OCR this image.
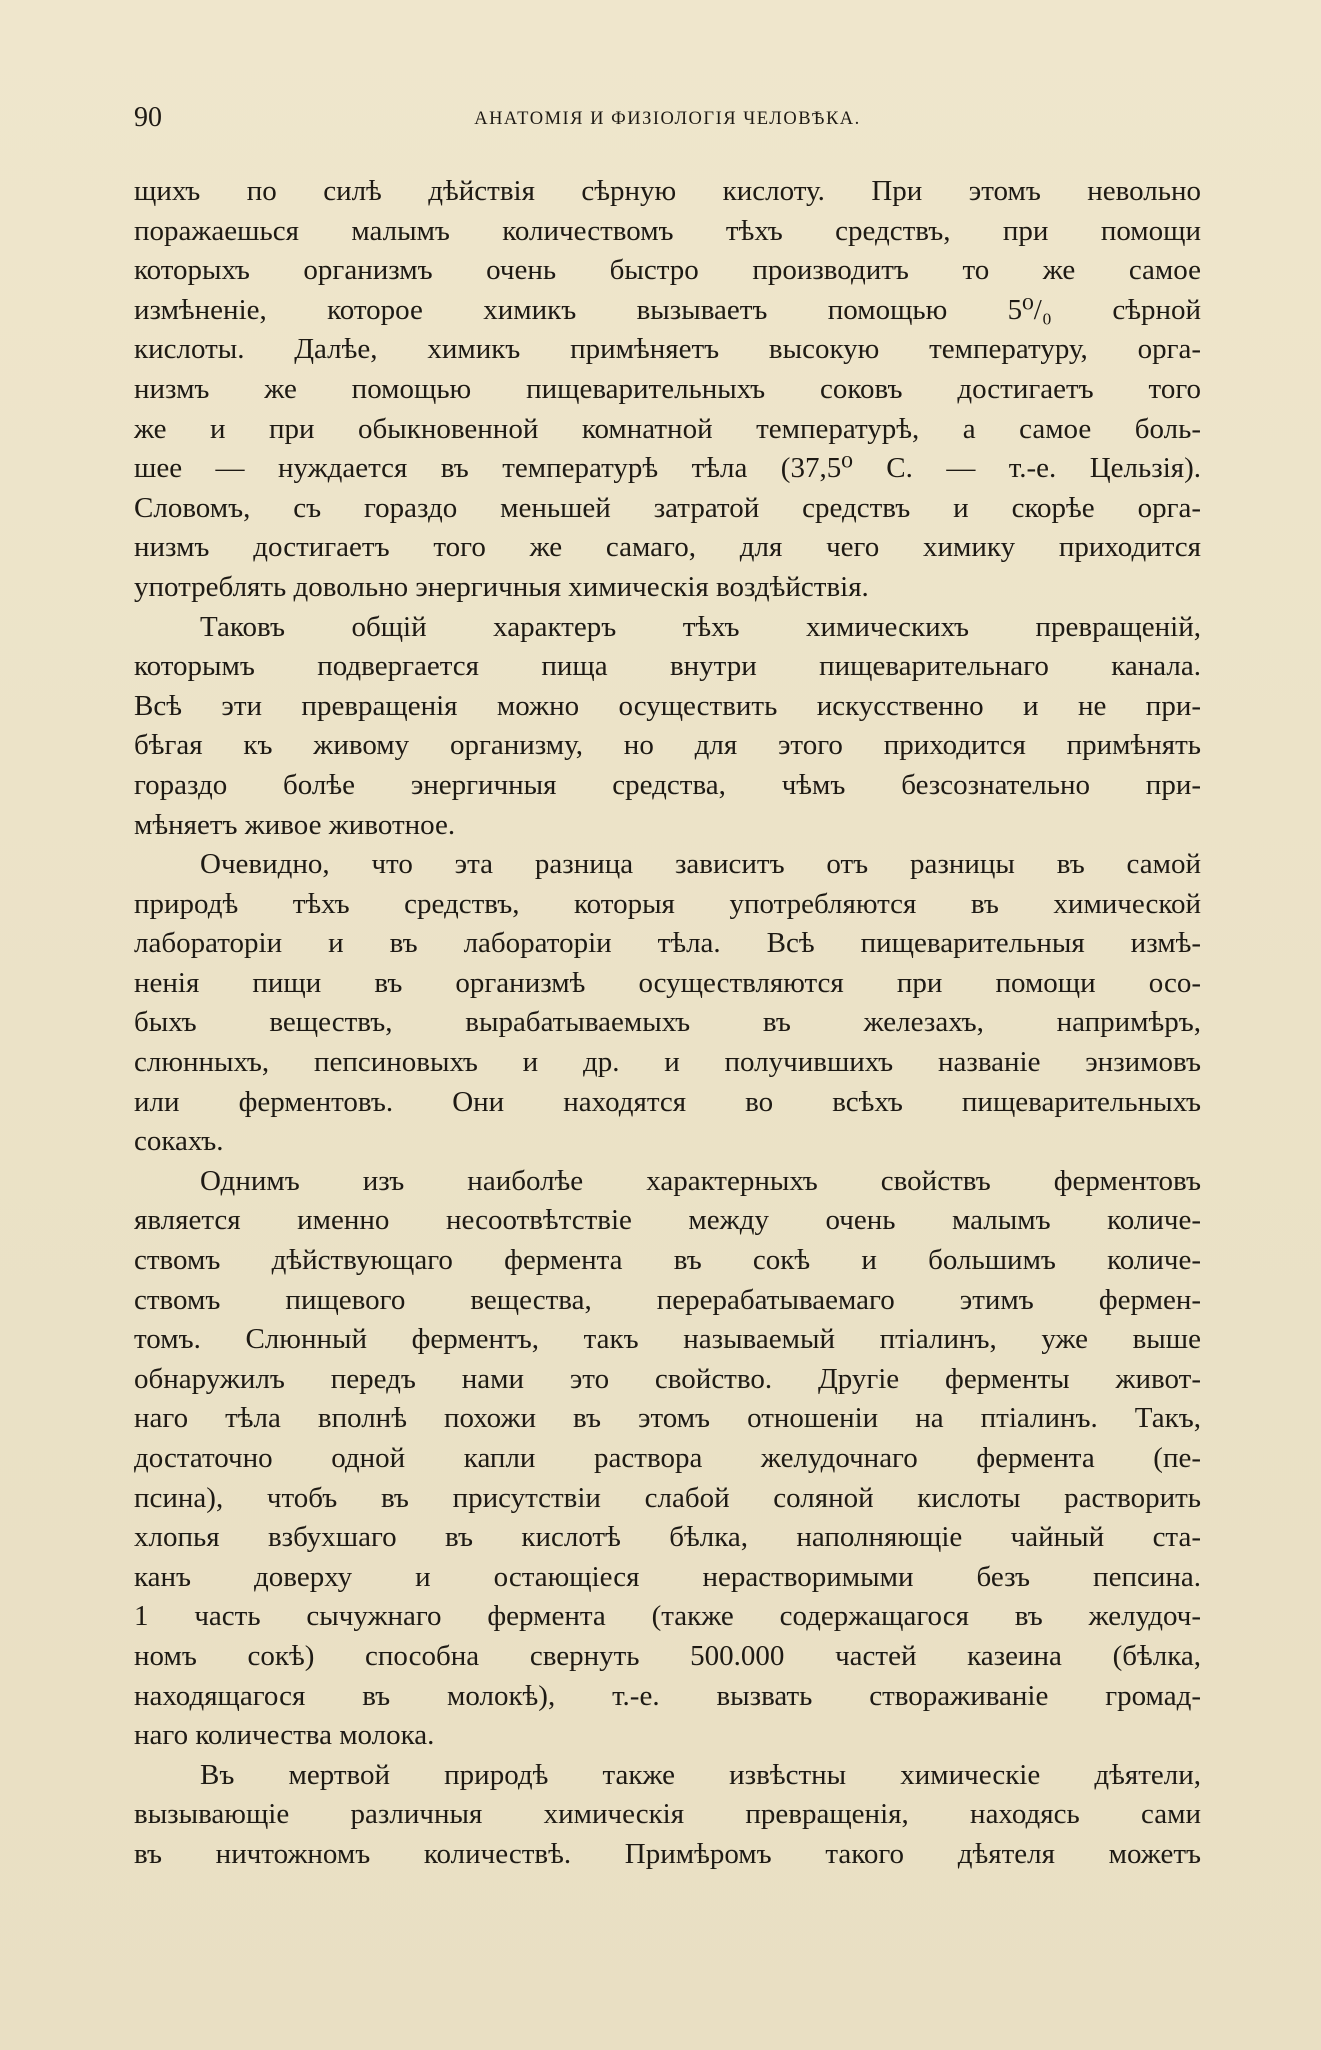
90	АНАТОМІЯ И ФИЗІОЛОГІЯ ЧЕЛОВѢКА.
щихъ по силѣ дѣйствія сѣрную кислоту. При этомъ невольно
поражаешься малымъ количествомъ тѣхъ средствъ, при помощи
которыхъ организмъ очень быстро производитъ то же самое
измѣненіе, которое химикъ вызываетъ помощью 5⁰/₀ сѣрной
кислоты. Далѣе, химикъ примѣняетъ высокую температуру, орга-
низмъ же помощью пищеварительныхъ соковъ достигаетъ того
же и при обыкновенной комнатной температурѣ, а самое боль-
шее — нуждается въ температурѣ тѣла (37,5⁰ С. — т.-е. Цельзія).
Словомъ, съ гораздо меньшей затратой средствъ и скорѣе орга-
низмъ достигаетъ того же самаго, для чего химику приходится
употреблять довольно энергичныя химическія воздѣйствія.
Таковъ общій характеръ тѣхъ химическихъ превращеній,
которымъ подвергается пища внутри пищеварительнаго канала.
Всѣ эти превращенія можно осуществить искусственно и не при-
бѣгая къ живому организму, но для этого приходится примѣнять
гораздо болѣе энергичныя средства, чѣмъ безсознательно при-
мѣняетъ живое животное.
Очевидно, что эта разница зависитъ отъ разницы въ самой
природѣ тѣхъ средствъ, которыя употребляются въ химической
лабораторіи и въ лабораторіи тѣла. Всѣ пищеварительныя измѣ-
ненія пищи въ организмѣ осуществляются при помощи осо-
быхъ веществъ, вырабатываемыхъ въ железахъ, напримѣръ,
слюнныхъ, пепсиновыхъ и др. и получившихъ названіе энзимовъ
или ферментовъ. Они находятся во всѣхъ пищеварительныхъ
сокахъ.
Однимъ изъ наиболѣе характерныхъ свойствъ ферментовъ
является именно несоотвѣтствіе между очень малымъ количе-
ствомъ дѣйствующаго фермента въ сокѣ и большимъ количе-
ствомъ пищевого вещества, перерабатываемаго этимъ фермен-
томъ. Слюнный ферментъ, такъ называемый птіалинъ, уже выше
обнаружилъ передъ нами это свойство. Другіе ферменты живот-
наго тѣла вполнѣ похожи въ этомъ отношеніи на птіалинъ. Такъ,
достаточно одной капли раствора желудочнаго фермента (пе-
псина), чтобъ въ присутствіи слабой соляной кислоты растворить
хлопья взбухшаго въ кислотѣ бѣлка, наполняющіе чайный ста-
канъ доверху и остающіеся нерастворимыми безъ пепсина.
1 часть сычужнаго фермента (также содержащагося въ желудоч-
номъ сокѣ) способна свернуть 500.000 частей казеина (бѣлка,
находящагося въ молокѣ), т.-е. вызвать створаживаніе громад-
наго количества молока.
Въ мертвой природѣ также извѣстны химическіе дѣятели,
вызывающіе различныя химическія превращенія, находясь сами
въ ничтожномъ количествѣ. Примѣромъ такого дѣятеля можетъ
